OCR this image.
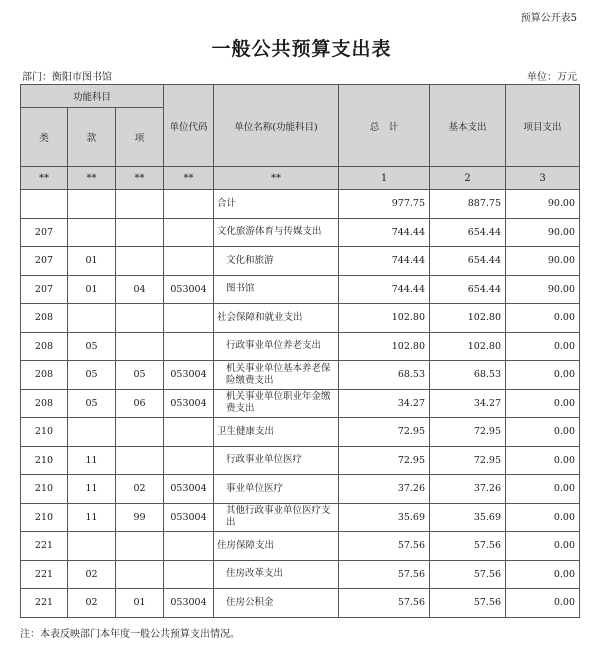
预算公开表5
一般公共预算支出表
部门：衡阳市图书馆	单位：万元
功能科目			单位代码	单位名称(功能科目)	总　计	基本支出	项目支出
类	款	项					
**	**	**	**	**	1	2	3
				合计	977.75	887.75	90.00
207				文化旅游体育与传媒支出	744.44	654.44	90.00
207	01			文化和旅游	744.44	654.44	90.00
207	01	04	053004	图书馆	744.44	654.44	90.00
208				社会保障和就业支出	102.80	102.80	0.00
208	05			行政事业单位养老支出	102.80	102.80	0.00
208	05	05	053004	机关事业单位基本养老保险缴费支出	68.53	68.53	0.00
208	05	06	053004	机关事业单位职业年金缴费支出	34.27	34.27	0.00
210				卫生健康支出	72.95	72.95	0.00
210	11			行政事业单位医疗	72.95	72.95	0.00
210	11	02	053004	事业单位医疗	37.26	37.26	0.00
210	11	99	053004	其他行政事业单位医疗支出	35.69	35.69	0.00
221				住房保障支出	57.56	57.56	0.00
221	02			住房改革支出	57.56	57.56	0.00
221	02	01	053004	住房公积金	57.56	57.56	0.00
注：本表反映部门本年度一般公共预算支出情况。
